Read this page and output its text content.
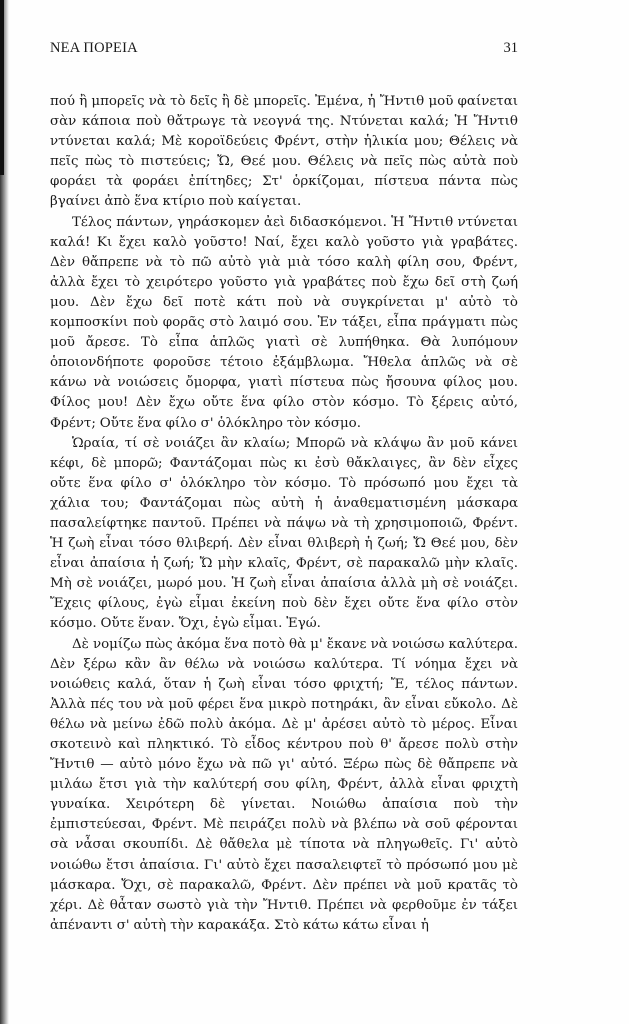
ΝΕΑ ΠΟΡΕΙΑ	31

πού ἢ μπορεῖς νὰ τὸ δεῖς ἢ δὲ μπορεῖς. Ἐμένα, ἡ Ἤντιθ μοῦ φαίνεται σὰν κάποια ποὺ θἄτρωγε τὰ νεογνά της. Ντύνεται καλά; Ἡ Ἤντιθ ντύνεται καλά; Μὲ κοροϊδεύεις Φρέντ, στὴν ἡλικία μου; Θέλεις νὰ πεῖς πὼς τὸ πιστεύεις; Ὤ, Θεέ μου. Θέλεις νὰ πεῖς πὼς αὐτὰ ποὺ φοράει τὰ φοράει ἐπίτηδες; Στ' ὁρκίζομαι, πίστευα πάντα πὼς βγαίνει ἀπὸ ἕνα κτίριο ποὺ καίγεται.

Τέλος πάντων, γηράσκομεν ἀεὶ διδασκόμενοι. Ἡ Ἤντιθ ντύνεται καλά! Κι ἔχει καλὸ γοῦστο! Ναί, ἔχει καλὸ γοῦστο γιὰ γραβάτες. Δὲν θἄπρεπε νὰ τὸ πῶ αὐτὸ γιὰ μιὰ τόσο καλὴ φίλη σου, Φρέντ, ἀλλὰ ἔχει τὸ χειρότερο γοῦστο γιὰ γραβάτες ποὺ ἔχω δεῖ στὴ ζωή μου. Δὲν ἔχω δεῖ ποτὲ κάτι ποὺ νὰ συγκρίνεται μ' αὐτὸ τὸ κομποσκίνι ποὺ φορᾶς στὸ λαιμό σου. Ἐν τάξει, εἶπα πράγματι πὼς μοῦ ἄρεσε. Τὸ εἶπα ἁπλῶς γιατὶ σὲ λυπήθηκα. Θὰ λυπόμουν ὁποιονδήποτε φοροῦσε τέτοιο ἐξάμβλωμα. Ἤθελα ἁπλῶς νὰ σὲ κάνω νὰ νοιώσεις ὄμορφα, γιατὶ πίστευα πὼς ἤσουνα φίλος μου. Φίλος μου! Δὲν ἔχω οὔτε ἕνα φίλο στὸν κόσμο. Τὸ ξέρεις αὐτό, Φρέντ; Οὔτε ἕνα φίλο σ' ὁλόκληρο τὸν κόσμο.

Ὡραία, τί σὲ νοιάζει ἂν κλαίω; Μπορῶ νὰ κλάψω ἂν μοῦ κάνει κέφι, δὲ μπορῶ; Φαντάζομαι πὼς κι ἐσὺ θἄκλαιγες, ἂν δὲν εἶχες οὔτε ἕνα φίλο σ' ὁλόκληρο τὸν κόσμο. Τὸ πρόσωπό μου ἔχει τὰ χάλια του; Φαντάζομαι πὼς αὐτὴ ἡ ἀναθεματισμένη μάσκαρα πασαλείφτηκε παντοῦ. Πρέπει νὰ πάψω νὰ τὴ χρησιμοποιῶ, Φρέντ. Ἡ ζωὴ εἶναι τόσο θλιβερή. Δὲν εἶναι θλιβερὴ ἡ ζωή; Ὤ Θεέ μου, δὲν εἶναι ἀπαίσια ἡ ζωή; Ὤ μὴν κλαῖς, Φρέντ, σὲ παρακαλῶ μὴν κλαῖς. Μὴ σὲ νοιάζει, μωρό μου. Ἡ ζωὴ εἶναι ἀπαίσια ἀλλὰ μὴ σὲ νοιάζει. Ἔχεις φίλους, ἐγὼ εἶμαι ἐκείνη ποὺ δὲν ἔχει οὔτε ἕνα φίλο στὸν κόσμο. Οὔτε ἕναν. Ὄχι, ἐγὼ εἶμαι. Ἐγώ.

Δὲ νομίζω πὼς ἀκόμα ἕνα ποτὸ θὰ μ' ἔκανε νὰ νοιώσω καλύτερα. Δὲν ξέρω κἂν ἂν θέλω νὰ νοιώσω καλύτερα. Τί νόημα ἔχει νὰ νοιώθεις καλά, ὅταν ἡ ζωὴ εἶναι τόσο φριχτή; Ἔ, τέλος πάντων. Ἀλλὰ πές του νὰ μοῦ φέρει ἕνα μικρὸ ποτηράκι, ἂν εἶναι εὔκολο. Δὲ θέλω νὰ μείνω ἐδῶ πολὺ ἀκόμα. Δὲ μ' ἀρέσει αὐτὸ τὸ μέρος. Εἶναι σκοτεινὸ καὶ πληκτικό. Τὸ εἶδος κέντρου ποὺ θ' ἄρεσε πολὺ στὴν Ἤντιθ — αὐτὸ μόνο ἔχω νὰ πῶ γι' αὐτό. Ξέρω πὼς δὲ θἄπρεπε νὰ μιλάω ἔτσι γιὰ τὴν καλύτερή σου φίλη, Φρέντ, ἀλλὰ εἶναι φριχτὴ γυναίκα. Χειρότερη δὲ γίνεται. Νοιώθω ἀπαίσια ποὺ τὴν ἐμπιστεύεσαι, Φρέντ. Μὲ πειράζει πολὺ νὰ βλέπω νὰ σοῦ φέρονται σὰ νἆσαι σκουπίδι. Δὲ θἄθελα μὲ τίποτα νὰ πληγωθεῖς. Γι' αὐτὸ νοιώθω ἔτσι ἀπαίσια. Γι' αὐτὸ ἔχει πασαλειφτεῖ τὸ πρόσωπό μου μὲ μάσκαρα. Ὄχι, σὲ παρακαλῶ, Φρέντ. Δὲν πρέπει νὰ μοῦ κρατᾶς τὸ χέρι. Δὲ θἆταν σωστὸ γιὰ τὴν Ἤντιθ. Πρέπει νὰ φερθοῦμε ἐν τάξει ἀπέναντι σ' αὐτὴ τὴν καρακάξα. Στὸ κάτω κάτω εἶναι ἡ
